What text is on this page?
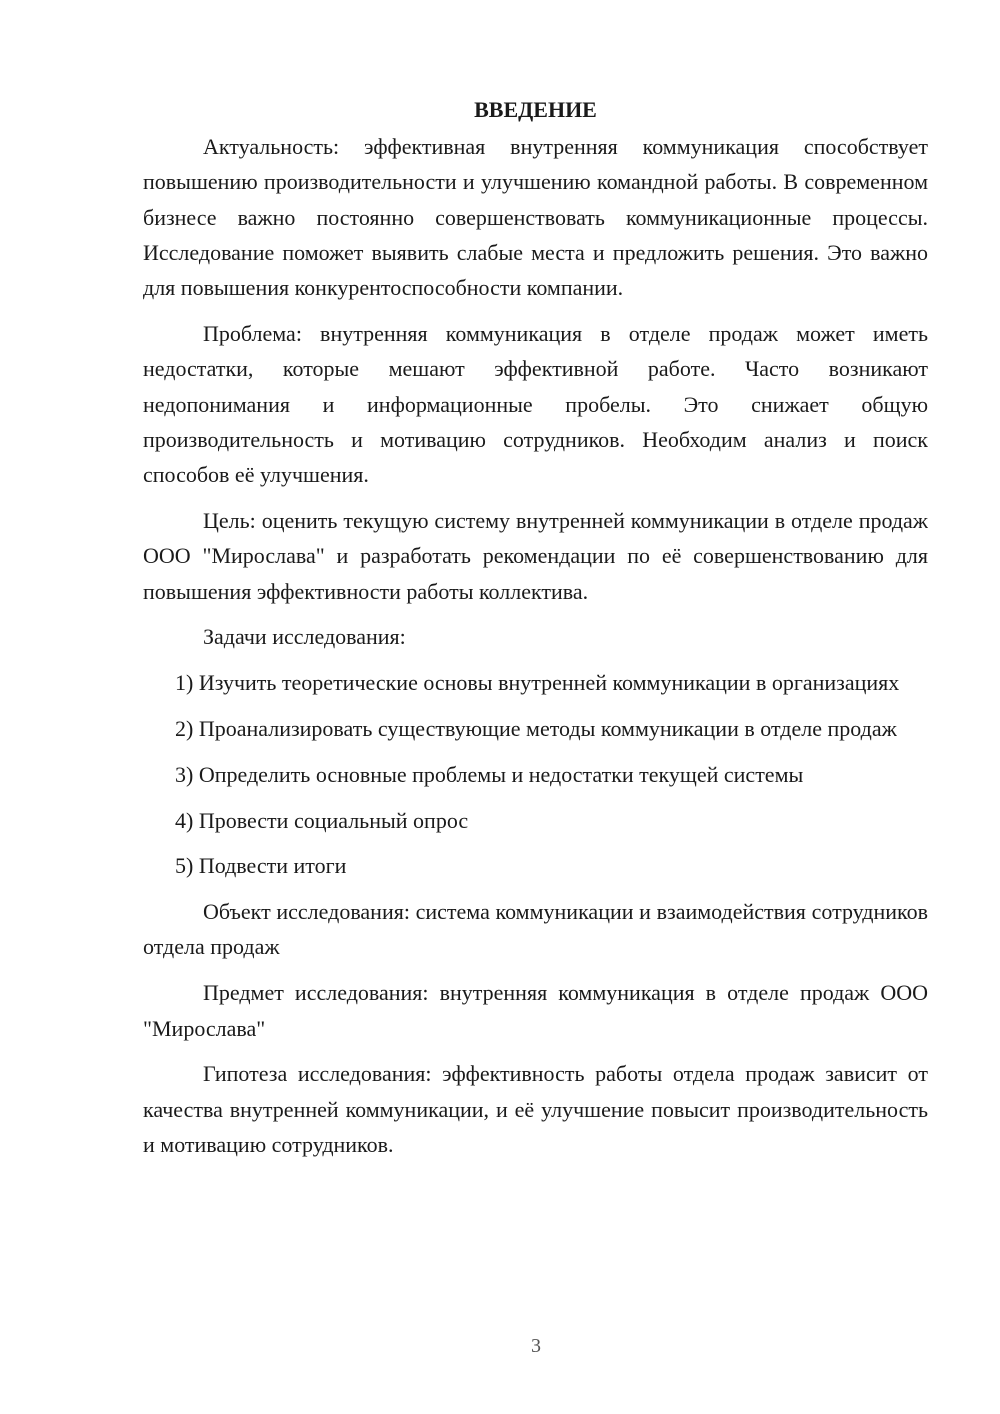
ВВЕДЕНИЕ

Актуальность: эффективная внутренняя коммуникация способствует повышению производительности и улучшению командной работы. В современном бизнесе важно постоянно совершенствовать коммуникационные процессы. Исследование поможет выявить слабые места и предложить решения. Это важно для повышения конкурентоспособности компании.

Проблема: внутренняя коммуникация в отделе продаж может иметь недостатки, которые мешают эффективной работе. Часто возникают недопонимания и информационные пробелы. Это снижает общую производительность и мотивацию сотрудников. Необходим анализ и поиск способов её улучшения.

Цель: оценить текущую систему внутренней коммуникации в отделе продаж ООО "Мирослава" и разработать рекомендации по её совершенствованию для повышения эффективности работы коллектива.

Задачи исследования:

1) Изучить теоретические основы внутренней коммуникации в организациях

2) Проанализировать существующие методы коммуникации в отделе продаж

3) Определить основные проблемы и недостатки текущей системы

4) Провести социальный опрос

5) Подвести итоги

Объект исследования: система коммуникации и взаимодействия сотрудников отдела продаж

Предмет исследования: внутренняя коммуникация в отделе продаж ООО "Мирослава"

Гипотеза исследования: эффективность работы отдела продаж зависит от качества внутренней коммуникации, и её улучшение повысит производительность и мотивацию сотрудников.

3
